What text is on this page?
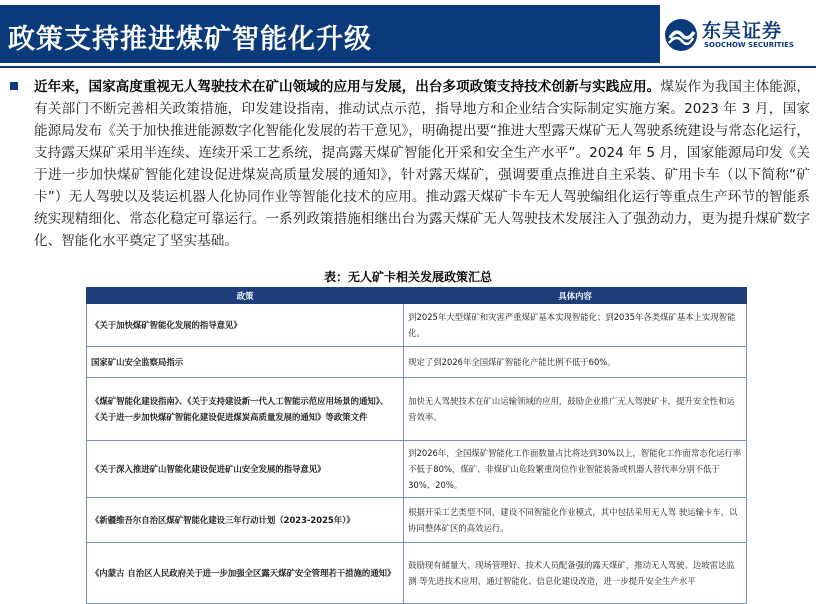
政策支持推进煤矿智能化升级	东吴证券
SOOCHOW SECURITIES
近年来，国家高度重视无人驾驶技术在矿山领域的应用与发展，出台多项政策支持技术创新与实践应用。煤炭作为我国主体能源，有关部门不断完善相关政策措施，印发建设指南，推动试点示范，指导地方和企业结合实际制定实施方案。2023 年 3 月，国家能源局发布《关于加快推进能源数字化智能化发展的若干意见》，明确提出要“推进大型露天煤矿无人驾驶系统建设与常态化运行，支持露天煤矿采用半连续、连续开采工艺系统，提高露天煤矿智能化开采和安全生产水平”。2024 年 5 月，国家能源局印发《关于进一步加快煤矿智能化建设促进煤炭高质量发展的通知》，针对露天煤矿，强调要重点推进自主采装、矿用卡车（以下简称“矿卡”）无人驾驶以及装运机器人化协同作业等智能化技术的应用。推动露天煤矿卡车无人驾驶编组化运行等重点生产环节的智能系统实现精细化、常态化稳定可靠运行。一系列政策措施相继出台为露天煤矿无人驾驶技术发展注入了强劲动力，更为提升煤矿数字化、智能化水平奠定了坚实基础。
表：无人矿卡相关发展政策汇总
政策	具体内容
《关于加快煤矿智能化发展的指导意见》	到2025年大型煤矿和灾害严重煤矿基本实现智能化；到2035年各类煤矿基本上实现智能化。
国家矿山安全监察局指示	规定了到2026年全国煤矿智能化产能比例不低于60%。
《煤矿智能化建设指南》、《关于支持建设新一代人工智能示范应用场景的通知》、《关于进一步加快煤矿智能化建设促进煤炭高质量发展的通知》等政策文件	加快无人驾驶技术在矿山运输领域的应用，鼓励企业推广无人驾驶矿卡，提升安全性和运营效率。
《关于深入推进矿山智能化建设促进矿山安全发展的指导意见》	到2026年，全国煤矿智能化工作面数量占比将达到30%以上，智能化工作面常态化运行率不低于80%，煤矿、非煤矿山危险繁重岗位作业智能装备或机器人替代率分别不低于30%、20%。
《新疆维吾尔自治区煤矿智能化建设三年行动计划（2023-2025年）》	根据开采工艺类型不同，建设不同智能化作业模式，其中包括采用无人驾 驶运输卡车，以协同整体矿区的高效运行。
《内蒙古 自治区人民政府关于进一步加强全区露天煤矿安全管理若干措施的通知》	鼓励现有储量大、现场管理好、技术人员配备强的露天煤矿，推动无人驾驶、边坡雷达监测 等先进技术应用，通过智能化、信息化建设改造，进一步提升安全生产水平
